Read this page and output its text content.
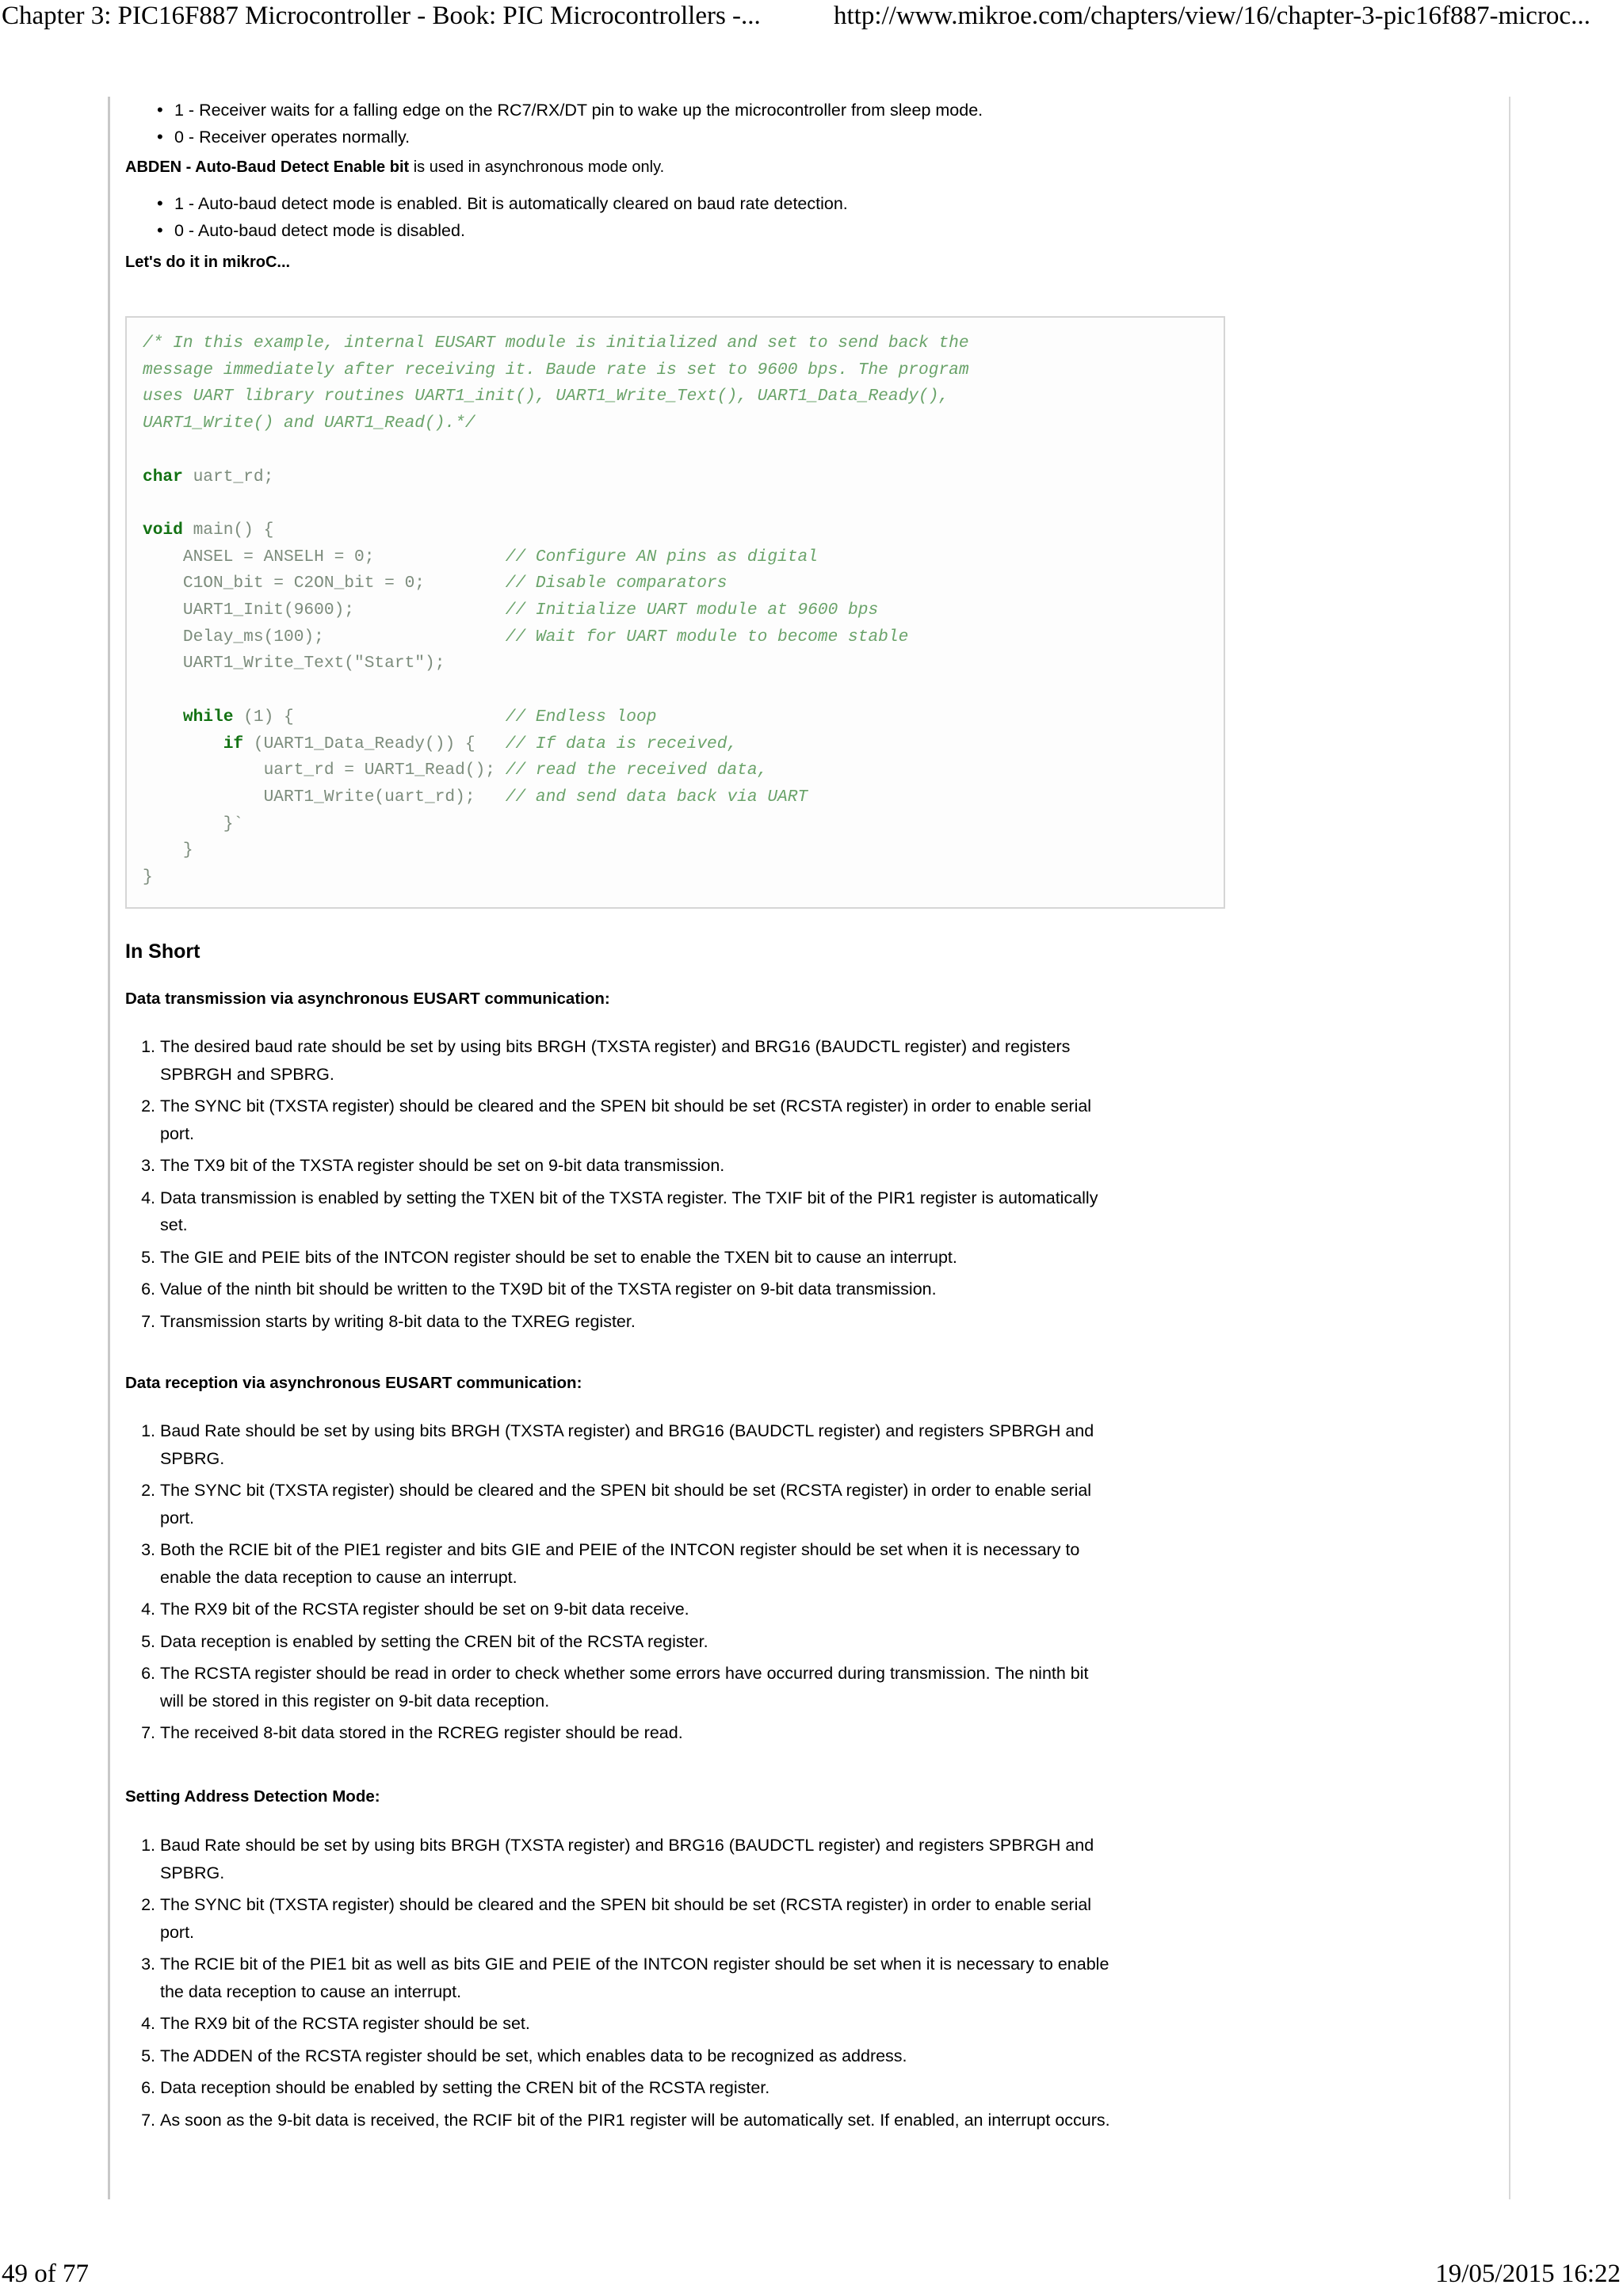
Chapter 3: PIC16F887 Microcontroller - Book: PIC Microcontrollers -...	http://www.mikroe.com/chapters/view/16/chapter-3-pic16f887-microc...
• 1 - Receiver waits for a falling edge on the RC7/RX/DT pin to wake up the microcontroller from sleep mode.
• 0 - Receiver operates normally.

ABDEN - Auto-Baud Detect Enable bit is used in asynchronous mode only.

• 1 - Auto-baud detect mode is enabled. Bit is automatically cleared on baud rate detection.
• 0 - Auto-baud detect mode is disabled.
Let's do it in mikroC...
/* In this example, internal EUSART module is initialized and set to send back the
message immediately after receiving it. Baude rate is set to 9600 bps. The program
uses UART library routines UART1_init(), UART1_Write_Text(), UART1_Data_Ready(),
UART1_Write() and UART1_Read().*/

char uart_rd;

void main() {
ANSEL = ANSELH = 0;             // Configure AN pins as digital
C1ON_bit = C2ON_bit = 0;        // Disable comparators
UART1_Init(9600);               // Initialize UART module at 9600 bps
Delay_ms(100);                  // Wait for UART module to become stable
UART1_Write_Text("Start");

while (1) {                     // Endless loop
if (UART1_Data_Ready()) {   // If data is received,
uart_rd = UART1_Read(); // read the received data,
UART1_Write(uart_rd);   // and send data back via UART
}`
}
}
In Short
Data transmission via asynchronous EUSART communication:
1. The desired baud rate should be set by using bits BRGH (TXSTA register) and BRG16 (BAUDCTL register) and registers SPBRGH and SPBRG.
2. The SYNC bit (TXSTA register) should be cleared and the SPEN bit should be set (RCSTA register) in order to enable serial port.
3. The TX9 bit of the TXSTA register should be set on 9-bit data transmission.
4. Data transmission is enabled by setting the TXEN bit of the TXSTA register. The TXIF bit of the PIR1 register is automatically set.
5. The GIE and PEIE bits of the INTCON register should be set to enable the TXEN bit to cause an interrupt.
6. Value of the ninth bit should be written to the TX9D bit of the TXSTA register on 9-bit data transmission.
7. Transmission starts by writing 8-bit data to the TXREG register.
Data reception via asynchronous EUSART communication:
1. Baud Rate should be set by using bits BRGH (TXSTA register) and BRG16 (BAUDCTL register) and registers SPBRGH and SPBRG.
2. The SYNC bit (TXSTA register) should be cleared and the SPEN bit should be set (RCSTA register) in order to enable serial port.
3. Both the RCIE bit of the PIE1 register and bits GIE and PEIE of the INTCON register should be set when it is necessary to enable the data reception to cause an interrupt.
4. The RX9 bit of the RCSTA register should be set on 9-bit data receive.
5. Data reception is enabled by setting the CREN bit of the RCSTA register.
6. The RCSTA register should be read in order to check whether some errors have occurred during transmission. The ninth bit will be stored in this register on 9-bit data reception.
7. The received 8-bit data stored in the RCREG register should be read.
Setting Address Detection Mode:
1. Baud Rate should be set by using bits BRGH (TXSTA register) and BRG16 (BAUDCTL register) and registers SPBRGH and SPBRG.
2. The SYNC bit (TXSTA register) should be cleared and the SPEN bit should be set (RCSTA register) in order to enable serial port.
3. The RCIE bit of the PIE1 bit as well as bits GIE and PEIE of the INTCON register should be set when it is necessary to enable the data reception to cause an interrupt.
4. The RX9 bit of the RCSTA register should be set.
5. The ADDEN of the RCSTA register should be set, which enables data to be recognized as address.
6. Data reception should be enabled by setting the CREN bit of the RCSTA register.
7. As soon as the 9-bit data is received, the RCIF bit of the PIR1 register will be automatically set. If enabled, an interrupt occurs.
49 of 77	19/05/2015 16:22
